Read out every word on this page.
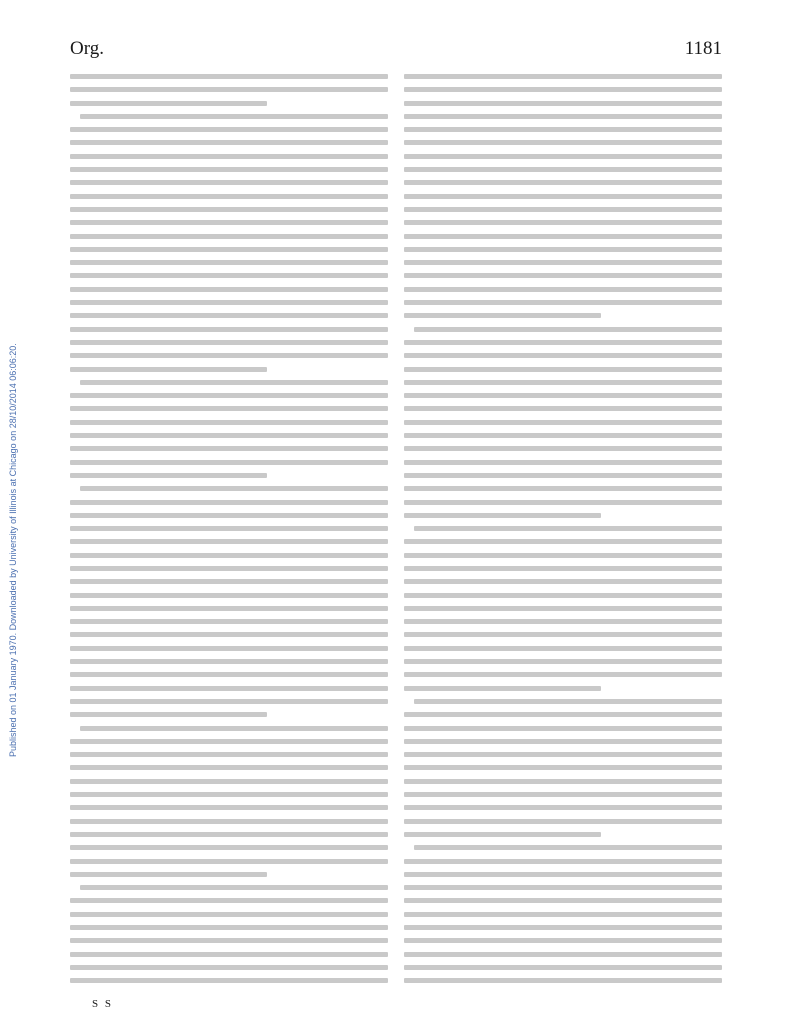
Org.	1181
Published on 01 January 1970. Downloaded by University of Illinois at Chicago on 28/10/2014 06:06:20.
S S
